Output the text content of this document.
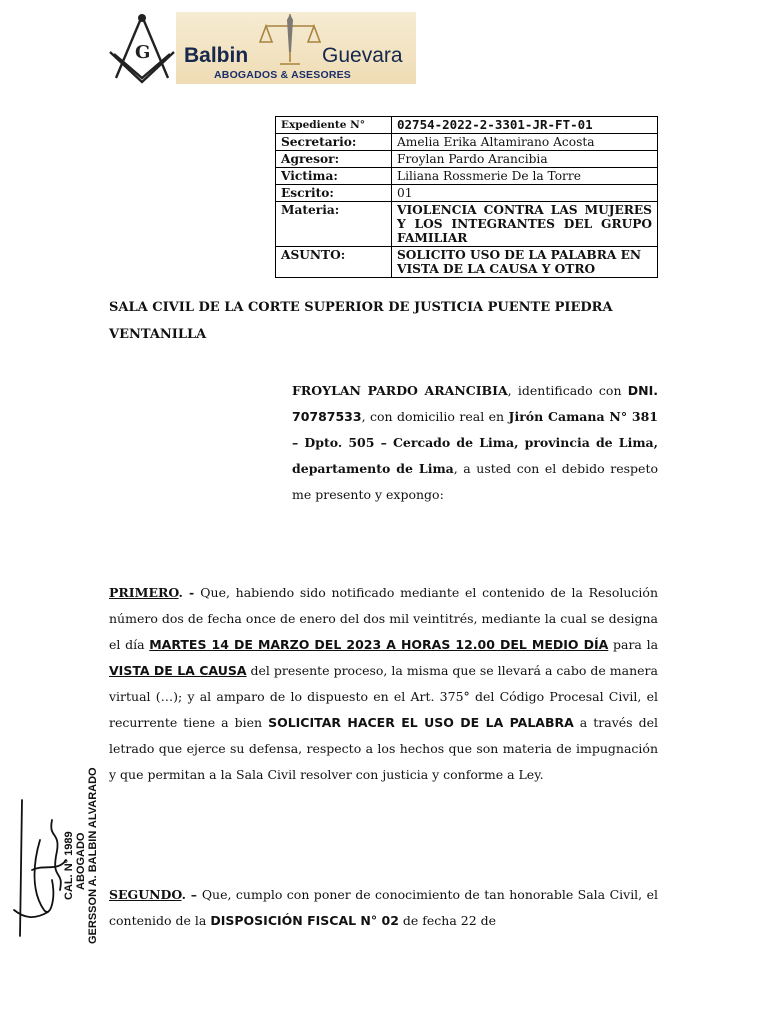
G Balbin	Guevara
ABOGADOS & ASESORES
Expediente N°	02754-2022-2-3301-JR-FT-01
Secretario:	Amelia Erika Altamirano Acosta
Agresor:	Froylan Pardo Arancibia
Victima:	Liliana Rossmerie De la Torre
Escrito:	01
Materia:	VIOLENCIA CONTRA LAS MUJERES Y LOS INTEGRANTES DEL GRUPO FAMILIAR
ASUNTO:	SOLICITO USO DE LA PALABRA EN VISTA DE LA CAUSA Y OTRO
SALA CIVIL DE LA CORTE SUPERIOR DE JUSTICIA PUENTE PIEDRA VENTANILLA
FROYLAN PARDO ARANCIBIA, identificado con DNI. 70787533, con domicilio real en Jirón Camana N° 381 – Dpto. 505 – Cercado de Lima, provincia de Lima, departamento de Lima, a usted con el debido respeto me presento y expongo:
PRIMERO. - Que, habiendo sido notificado mediante el contenido de la Resolución número dos de fecha once de enero del dos mil veintitrés, mediante la cual se designa el día MARTES 14 DE MARZO DEL 2023 A HORAS 12.00 DEL MEDIO DÍA para la VISTA DE LA CAUSA del presente proceso, la misma que se llevará a cabo de manera virtual (…); y al amparo de lo dispuesto en el Art. 375° del Código Procesal Civil, el recurrente tiene a bien SOLICITAR HACER EL USO DE LA PALABRA a través del letrado que ejerce su defensa, respecto a los hechos que son materia de impugnación y que permitan a la Sala Civil resolver con justicia y conforme a Ley.
SEGUNDO. – Que, cumplo con poner de conocimiento de tan honorable Sala Civil, el contenido de la DISPOSICIÓN FISCAL N° 02 de fecha 22 de
GERSSON A. BALBIN ALVARADO
ABOGADO
CAL. N° 1989
